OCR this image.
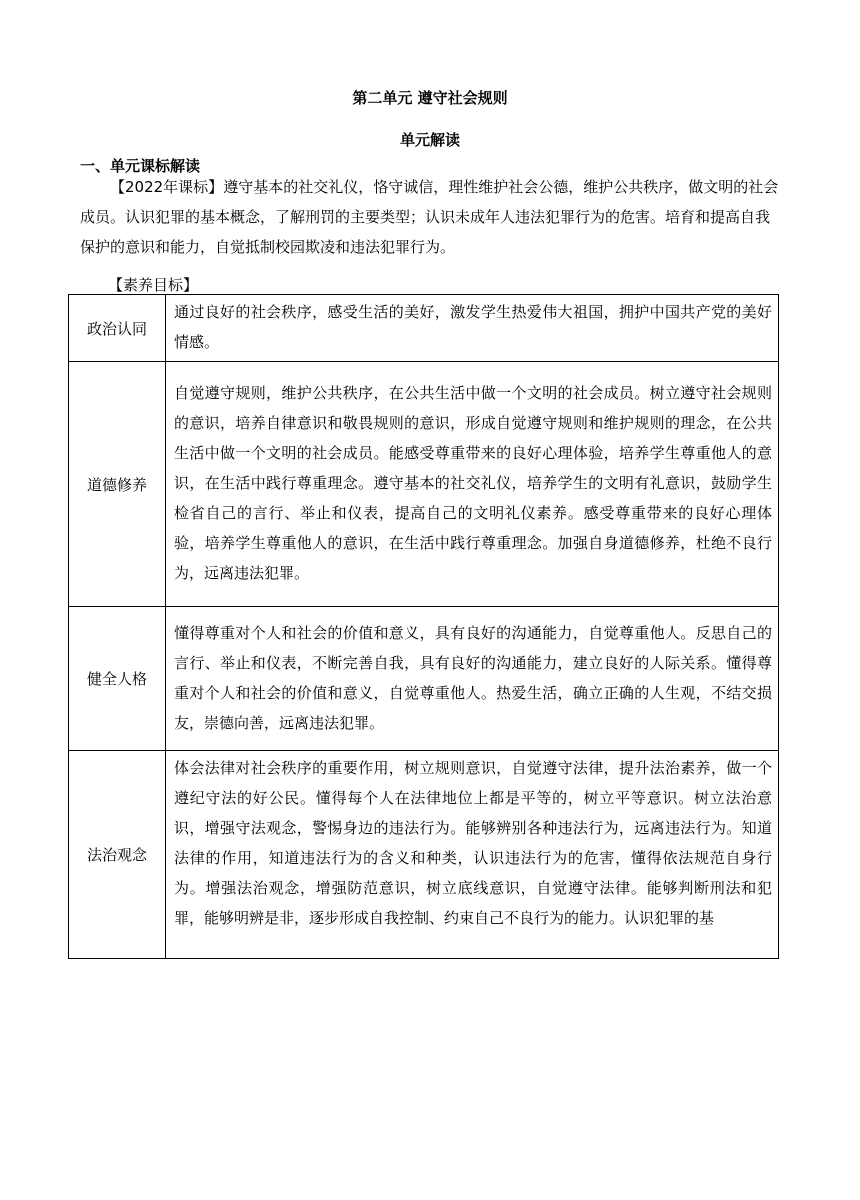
第二单元 遵守社会规则
单元解读
一、单元课标解读
【2022年课标】遵守基本的社交礼仪，恪守诚信，理性维护社会公德，维护公共秩序，做文明的社会成员。认识犯罪的基本概念，了解刑罚的主要类型；认识未成年人违法犯罪行为的危害。培育和提高自我保护的意识和能力，自觉抵制校园欺凌和违法犯罪行为。
【素养目标】
政治认同	通过良好的社会秩序，感受生活的美好，激发学生热爱伟大祖国，拥护中国共产党的美好情感。
道德修养	自觉遵守规则，维护公共秩序，在公共生活中做一个文明的社会成员。树立遵守社会规则的意识，培养自律意识和敬畏规则的意识，形成自觉遵守规则和维护规则的理念，在公共生活中做一个文明的社会成员。能感受尊重带来的良好心理体验，培养学生尊重他人的意识，在生活中践行尊重理念。遵守基本的社交礼仪，培养学生的文明有礼意识，鼓励学生检省自己的言行、举止和仪表，提高自己的文明礼仪素养。感受尊重带来的良好心理体验，培养学生尊重他人的意识，在生活中践行尊重理念。加强自身道德修养，杜绝不良行为，远离违法犯罪。
健全人格	懂得尊重对个人和社会的价值和意义，具有良好的沟通能力，自觉尊重他人。反思自己的言行、举止和仪表，不断完善自我，具有良好的沟通能力，建立良好的人际关系。懂得尊重对个人和社会的价值和意义，自觉尊重他人。热爱生活，确立正确的人生观，不结交损友，崇德向善，远离违法犯罪。
法治观念	体会法律对社会秩序的重要作用，树立规则意识，自觉遵守法律，提升法治素养，做一个遵纪守法的好公民。懂得每个人在法律地位上都是平等的，树立平等意识。树立法治意识，增强守法观念，警惕身边的违法行为。能够辨别各种违法行为，远离违法行为。知道法律的作用，知道违法行为的含义和种类，认识违法行为的危害，懂得依法规范自身行为。增强法治观念，增强防范意识，树立底线意识，自觉遵守法律。能够判断刑法和犯罪，能够明辨是非，逐步形成自我控制、约束自己不良行为的能力。认识犯罪的基
